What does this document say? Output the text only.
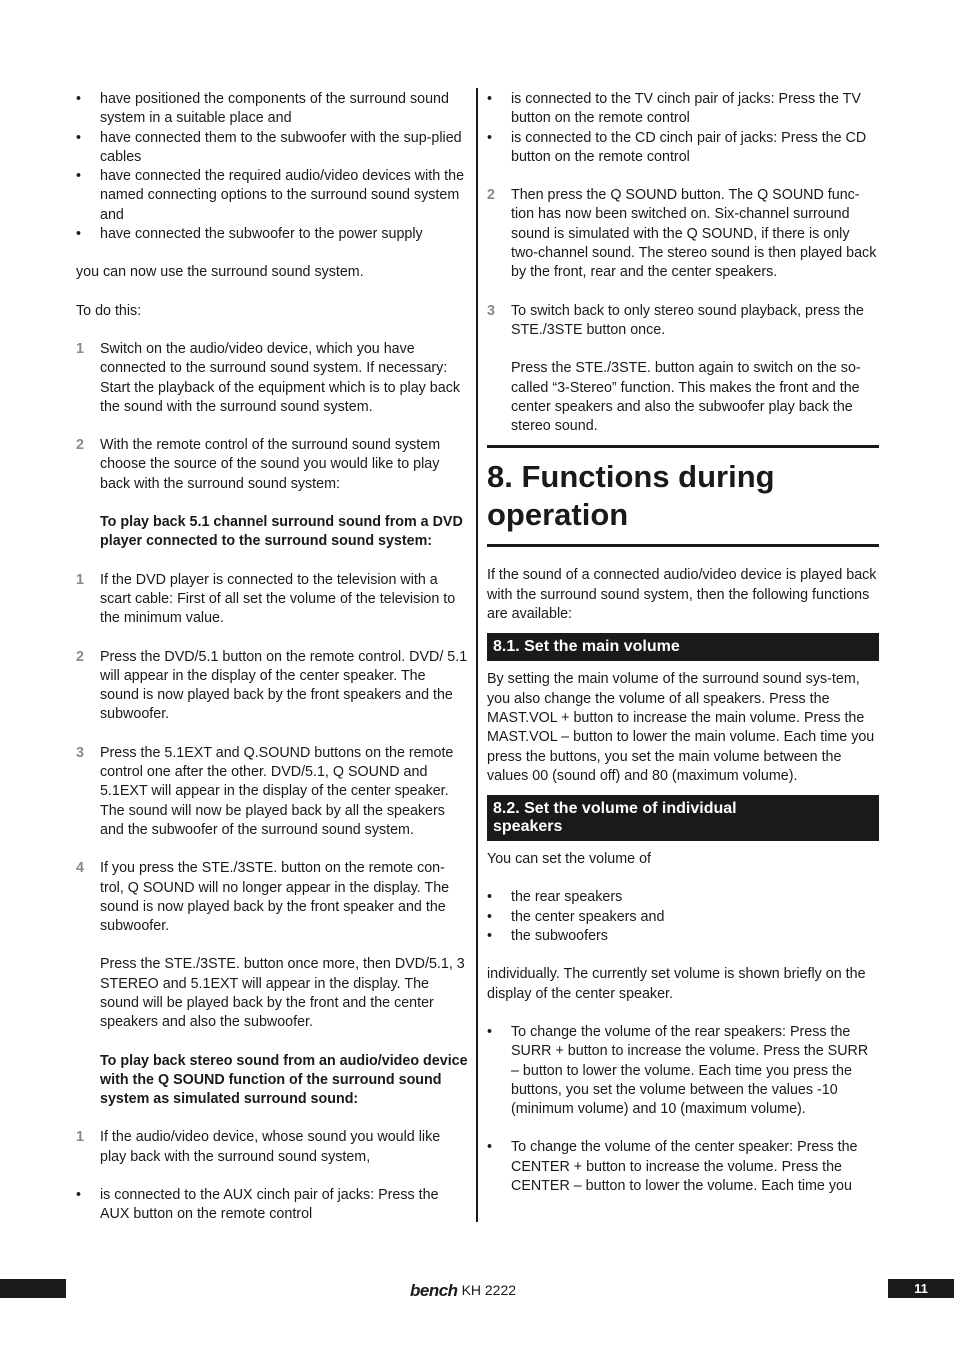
• have positioned the components of the surround sound system in a suitable place and

• have connected them to the subwoofer with the sup-plied cables

• have connected the required audio/video devices with the named connecting options to the surround sound system and

• have connected the subwoofer to the power supply

you can now use the surround sound system.

To do this:

1 Switch on the audio/video device, which you have connected to the surround sound system. If necessary: Start the playback of the equipment which is to play back the sound with the surround sound system.
2 With the remote control of the surround sound system choose the source of the sound you would like to play back with the surround sound system:

To play back 5.1 channel surround sound from a DVD player connected to the surround sound system:

1 If the DVD player is connected to the television with a scart cable: First of all set the volume of the television to the minimum value.
2 Press the DVD/5.1 button on the remote control. DVD/ 5.1 will appear in the display of the center speaker. The sound is now played back by the front speakers and the subwoofer.
3 Press the 5.1EXT and Q.SOUND buttons on the remote control one after the other. DVD/5.1, Q SOUND and 5.1EXT will appear in the display of the center speaker. The sound will now be played back by all the speakers and the subwoofer of the surround sound system.
4 If you press the STE./3STE. button on the remote con-trol, Q SOUND will no longer appear in the display. The sound is now played back by the front speaker and the subwoofer.

Press the STE./3STE. button once more, then DVD/5.1, 3 STEREO and 5.1EXT will appear in the display. The sound will be played back by the front and the center speakers and also the subwoofer.

To play back stereo sound from an audio/video device with the Q SOUND function of the surround sound system as simulated surround sound:

1 If the audio/video device, whose sound you would like play back with the surround sound system,

• is connected to the AUX cinch pair of jacks: Press the AUX button on the remote control

• is connected to the TV cinch pair of jacks: Press the TV button on the remote control

• is connected to the CD cinch pair of jacks: Press the CD button on the remote control

2 Then press the Q SOUND button. The Q SOUND func-tion has now been switched on. Six-channel surround sound is simulated with the Q SOUND, if there is only two-channel sound. The stereo sound is then played back by the front, rear and the center speakers.
3 To switch back to only stereo sound playback, press the STE./3STE button once.

Press the STE./3STE. button again to switch on the so-called “3-Stereo” function. This makes the front and the center speakers and also the subwoofer play back the stereo sound.

8. Functions during operation

If the sound of a connected audio/video device is played back with the surround sound system, then the following functions are available:

8.1. Set the main volume

By setting the main volume of the surround sound sys-tem, you also change the volume of all speakers. Press the MAST.VOL + button to increase the main volume. Press the MAST.VOL – button to lower the main volume. Each time you press the buttons, you set the main volume between the values 00 (sound off) and 80 (maximum volume).

8.2. Set the volume of individual speakers

You can set the volume of

• the rear speakers

• the center speakers and

• the subwoofers

individually. The currently set volume is shown briefly on the display of the center speaker.

• To change the volume of the rear speakers: Press the SURR + button to increase the volume. Press the SURR – button to lower the volume. Each time you press the buttons, you set the volume between the values -10 (minimum volume) and 10 (maximum volume).

• To change the volume of the center speaker: Press the CENTER + button to increase the volume. Press the CENTER – button to lower the volume. Each time you

bench KH 2222	11
